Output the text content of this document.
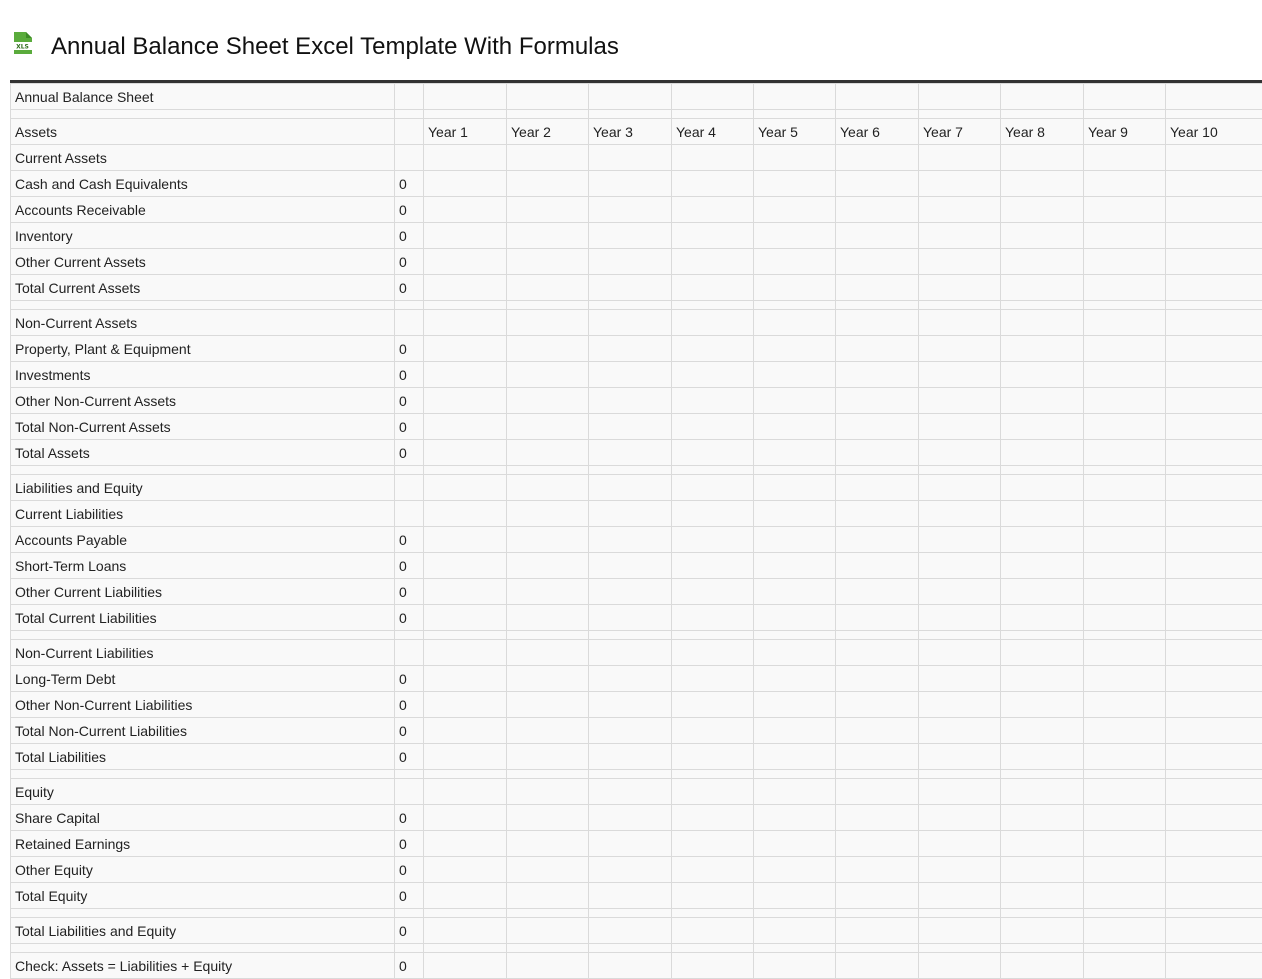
XLS Annual Balance Sheet Excel Template With Formulas
Annual Balance Sheet												

Assets		Year 1	Year 2	Year 3	Year 4	Year 5	Year 6	Year 7	Year 8	Year 9	Year 10	
Current Assets												
Cash and Cash Equivalents	0											
Accounts Receivable	0											
Inventory	0											
Other Current Assets	0											
Total Current Assets	0											

Non-Current Assets												
Property, Plant & Equipment	0											
Investments	0											
Other Non-Current Assets	0											
Total Non-Current Assets	0											
Total Assets	0											

Liabilities and Equity												
Current Liabilities												
Accounts Payable	0											
Short-Term Loans	0											
Other Current Liabilities	0											
Total Current Liabilities	0											

Non-Current Liabilities												
Long-Term Debt	0											
Other Non-Current Liabilities	0											
Total Non-Current Liabilities	0											
Total Liabilities	0											

Equity												
Share Capital	0											
Retained Earnings	0											
Other Equity	0											
Total Equity	0											

Total Liabilities and Equity	0											

Check: Assets = Liabilities + Equity	0											
